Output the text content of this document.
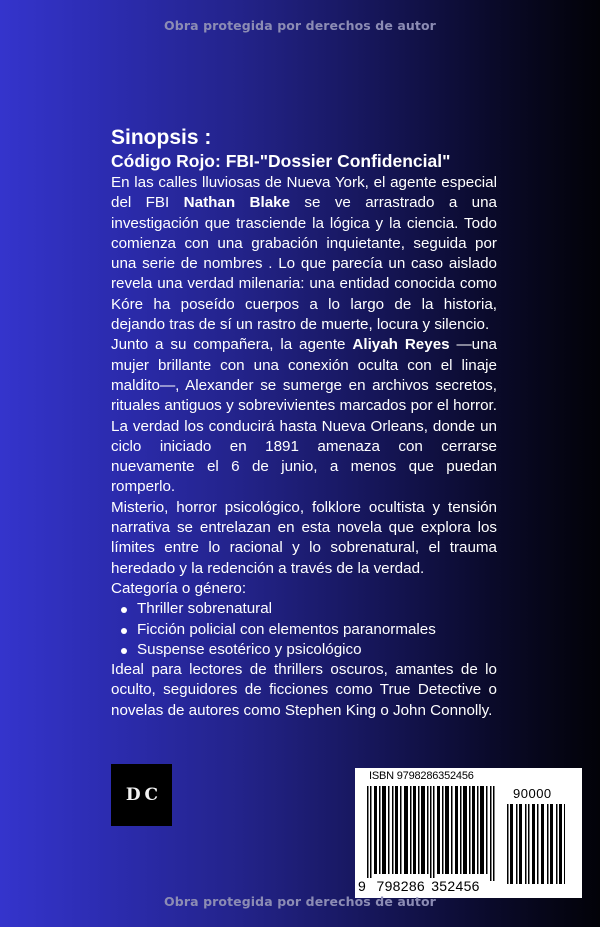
Obra protegida por derechos de autor

Sinopsis :

Código Rojo: FBI-"Dossier Confidencial"

En las calles lluviosas de Nueva York, el agente especial del FBI Nathan Blake se ve arrastrado a una investigación que trasciende la lógica y la ciencia. Todo comienza con una grabación inquietante, seguida por una serie de nombres . Lo que parecía un caso aislado revela una verdad milenaria: una entidad conocida como Kóre ha poseído cuerpos a lo largo de la historia, dejando tras de sí un rastro de muerte, locura y silencio.

Junto a su compañera, la agente Aliyah Reyes —una mujer brillante con una conexión oculta con el linaje maldito—, Alexander se sumerge en archivos secretos, rituales antiguos y sobrevivientes marcados por el horror. La verdad los conducirá hasta Nueva Orleans, donde un ciclo iniciado en 1891 amenaza con cerrarse nuevamente el 6 de junio, a menos que puedan romperlo.

Misterio, horror psicológico, folklore ocultista y tensión narrativa se entrelazan en esta novela que explora los límites entre lo racional y lo sobrenatural, el trauma heredado y la redención a través de la verdad.

Categoría o género:

Thriller sobrenatural
Ficción policial con elementos paranormales
Suspense esotérico y psicológico

Ideal para lectores de thrillers oscuros, amantes de lo oculto, seguidores de ficciones como True Detective o novelas de autores como Stephen King o John Connolly.

D C
ISBN 9798286352456
90000
9 798286 352456
Obra protegida por derechos de autor
